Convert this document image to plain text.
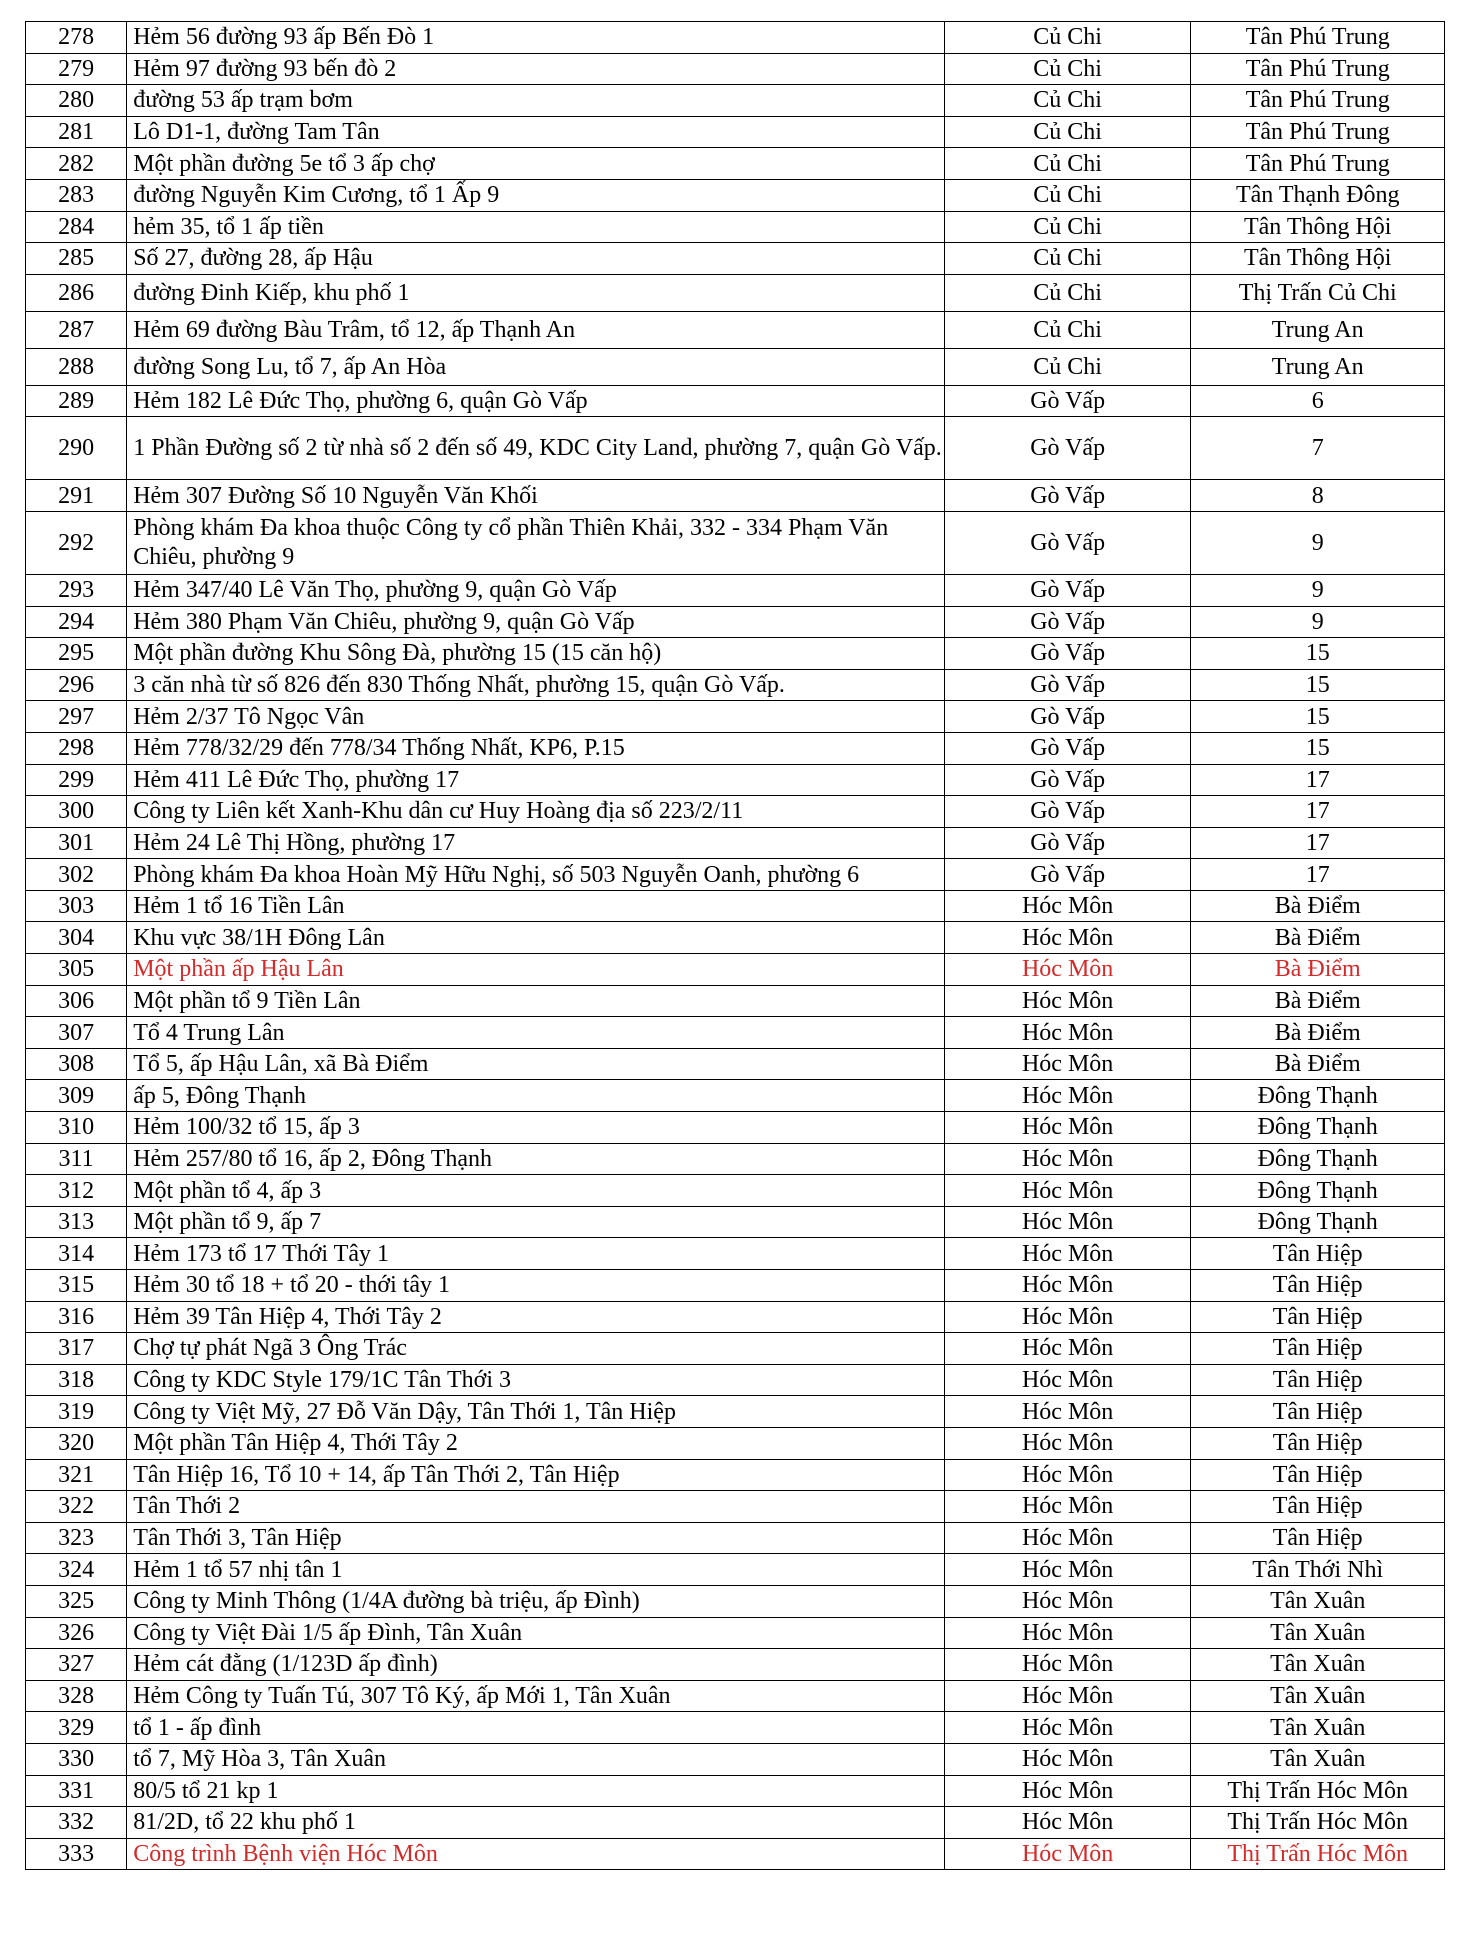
278	Hẻm 56 đường 93 ấp Bến Đò 1	Củ Chi	Tân Phú Trung
279	Hẻm 97 đường 93 bến đò 2	Củ Chi	Tân Phú Trung
280	đường 53 ấp trạm bơm	Củ Chi	Tân Phú Trung
281	Lô D1-1, đường Tam Tân	Củ Chi	Tân Phú Trung
282	Một phần đường 5e tổ 3 ấp chợ	Củ Chi	Tân Phú Trung
283	đường Nguyễn Kim Cương, tổ 1 Ấp 9	Củ Chi	Tân Thạnh Đông
284	hẻm 35, tổ 1 ấp tiền	Củ Chi	Tân Thông Hội
285	Số 27, đường 28, ấp Hậu	Củ Chi	Tân Thông Hội
286	đường Đinh Kiếp, khu phố 1	Củ Chi	Thị Trấn Củ Chi
287	Hẻm 69 đường Bàu Trâm, tổ 12, ấp Thạnh An	Củ Chi	Trung An
288	đường Song Lu, tổ 7, ấp An Hòa	Củ Chi	Trung An
289	Hẻm 182 Lê Đức Thọ, phường 6, quận Gò Vấp	Gò Vấp	6
290	1 Phần Đường số 2 từ nhà số 2 đến số 49, KDC City Land, phường 7, quận Gò Vấp.	Gò Vấp	7
291	Hẻm 307 Đường Số 10 Nguyễn Văn Khối	Gò Vấp	8
292	Phòng khám Đa khoa thuộc Công ty cổ phần Thiên Khải, 332 - 334 Phạm Văn Chiêu, phường 9	Gò Vấp	9
293	Hẻm 347/40 Lê Văn Thọ, phường 9, quận Gò Vấp	Gò Vấp	9
294	Hẻm 380 Phạm Văn Chiêu, phường 9, quận Gò Vấp	Gò Vấp	9
295	Một phần đường Khu Sông Đà, phường 15 (15 căn hộ)	Gò Vấp	15
296	3 căn nhà từ số 826 đến 830 Thống Nhất, phường 15, quận Gò Vấp.	Gò Vấp	15
297	Hẻm 2/37 Tô Ngọc Vân	Gò Vấp	15
298	Hẻm 778/32/29 đến 778/34 Thống Nhất, KP6, P.15	Gò Vấp	15
299	Hẻm 411 Lê Đức Thọ, phường 17	Gò Vấp	17
300	Công ty Liên kết Xanh-Khu dân cư Huy Hoàng địa số 223/2/11	Gò Vấp	17
301	Hẻm 24 Lê Thị Hồng, phường 17	Gò Vấp	17
302	Phòng khám Đa khoa Hoàn Mỹ Hữu Nghị, số 503 Nguyễn Oanh, phường 6	Gò Vấp	17
303	Hẻm 1 tổ 16 Tiền Lân	Hóc Môn	Bà Điểm
304	Khu vực 38/1H Đông Lân	Hóc Môn	Bà Điểm
305	Một phần ấp Hậu Lân	Hóc Môn	Bà Điểm
306	Một phần tổ 9 Tiền Lân	Hóc Môn	Bà Điểm
307	Tổ 4 Trung Lân	Hóc Môn	Bà Điểm
308	Tổ 5, ấp Hậu Lân, xã Bà Điểm	Hóc Môn	Bà Điểm
309	ấp 5, Đông Thạnh	Hóc Môn	Đông Thạnh
310	Hẻm 100/32 tổ 15, ấp 3	Hóc Môn	Đông Thạnh
311	Hẻm 257/80 tổ 16, ấp 2, Đông Thạnh	Hóc Môn	Đông Thạnh
312	Một phần tổ 4, ấp 3	Hóc Môn	Đông Thạnh
313	Một phần tổ 9, ấp 7	Hóc Môn	Đông Thạnh
314	Hẻm 173 tổ 17 Thới Tây 1	Hóc Môn	Tân Hiệp
315	Hẻm 30 tổ 18 + tổ 20 - thới tây 1	Hóc Môn	Tân Hiệp
316	Hẻm 39 Tân Hiệp 4, Thới Tây 2	Hóc Môn	Tân Hiệp
317	Chợ tự phát Ngã 3 Ông Trác	Hóc Môn	Tân Hiệp
318	Công ty KDC Style 179/1C Tân Thới 3	Hóc Môn	Tân Hiệp
319	Công ty Việt Mỹ, 27 Đỗ Văn Dậy, Tân Thới 1, Tân Hiệp	Hóc Môn	Tân Hiệp
320	Một phần Tân Hiệp 4, Thới Tây 2	Hóc Môn	Tân Hiệp
321	Tân Hiệp 16, Tổ 10 + 14, ấp Tân Thới 2, Tân Hiệp	Hóc Môn	Tân Hiệp
322	Tân Thới 2	Hóc Môn	Tân Hiệp
323	Tân Thới 3, Tân Hiệp	Hóc Môn	Tân Hiệp
324	Hẻm 1 tổ 57 nhị tân 1	Hóc Môn	Tân Thới Nhì
325	Công ty Minh Thông (1/4A đường bà triệu, ấp Đình)	Hóc Môn	Tân Xuân
326	Công ty Việt Đài 1/5 ấp Đình, Tân Xuân	Hóc Môn	Tân Xuân
327	Hẻm cát đằng (1/123D ấp đình)	Hóc Môn	Tân Xuân
328	Hẻm Công ty Tuấn Tú, 307 Tô Ký, ấp Mới 1, Tân Xuân	Hóc Môn	Tân Xuân
329	tổ 1 - ấp đình	Hóc Môn	Tân Xuân
330	tổ 7, Mỹ Hòa 3, Tân Xuân	Hóc Môn	Tân Xuân
331	80/5 tổ 21 kp 1	Hóc Môn	Thị Trấn Hóc Môn
332	81/2D, tổ 22 khu phố 1	Hóc Môn	Thị Trấn Hóc Môn
333	Công trình Bệnh viện Hóc Môn	Hóc Môn	Thị Trấn Hóc Môn
